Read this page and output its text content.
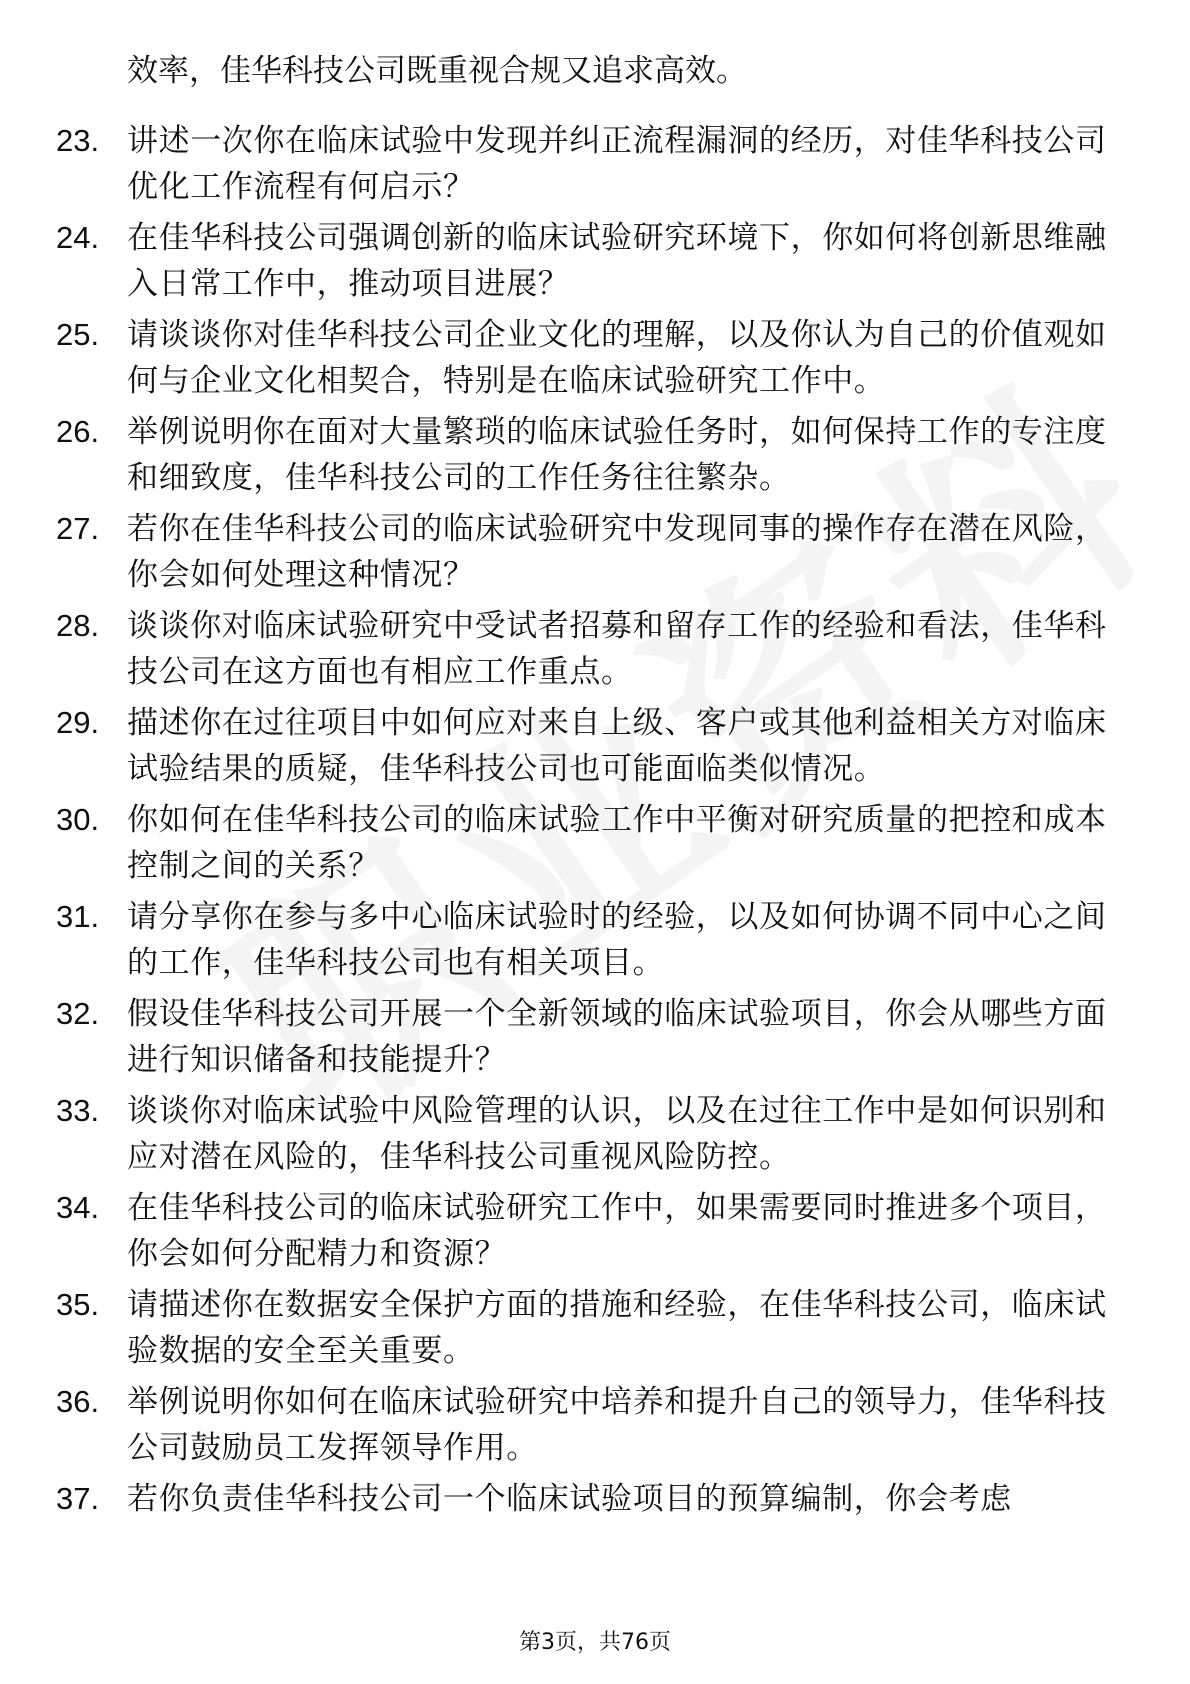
效率，佳华科技公司既重视合规又追求高效。
23. 讲述一次你在临床试验中发现并纠正流程漏洞的经历，对佳华科技公司优化工作流程有何启示？
24. 在佳华科技公司强调创新的临床试验研究环境下，你如何将创新思维融入日常工作中，推动项目进展？
25. 请谈谈你对佳华科技公司企业文化的理解，以及你认为自己的价值观如何与企业文化相契合，特别是在临床试验研究工作中。
26. 举例说明你在面对大量繁琐的临床试验任务时，如何保持工作的专注度和细致度，佳华科技公司的工作任务往往繁杂。
27. 若你在佳华科技公司的临床试验研究中发现同事的操作存在潜在风险，你会如何处理这种情况？
28. 谈谈你对临床试验研究中受试者招募和留存工作的经验和看法，佳华科技公司在这方面也有相应工作重点。
29. 描述你在过往项目中如何应对来自上级、客户或其他利益相关方对临床试验结果的质疑，佳华科技公司也可能面临类似情况。
30. 你如何在佳华科技公司的临床试验工作中平衡对研究质量的把控和成本控制之间的关系？
31. 请分享你在参与多中心临床试验时的经验，以及如何协调不同中心之间的工作，佳华科技公司也有相关项目。
32. 假设佳华科技公司开展一个全新领域的临床试验项目，你会从哪些方面进行知识储备和技能提升？
33. 谈谈你对临床试验中风险管理的认识，以及在过往工作中是如何识别和应对潜在风险的，佳华科技公司重视风险防控。
34. 在佳华科技公司的临床试验研究工作中，如果需要同时推进多个项目，你会如何分配精力和资源？
35. 请描述你在数据安全保护方面的措施和经验，在佳华科技公司，临床试验数据的安全至关重要。
36. 举例说明你如何在临床试验研究中培养和提升自己的领导力，佳华科技公司鼓励员工发挥领导作用。
37. 若你负责佳华科技公司一个临床试验项目的预算编制，你会考虑
第3页，共76页
